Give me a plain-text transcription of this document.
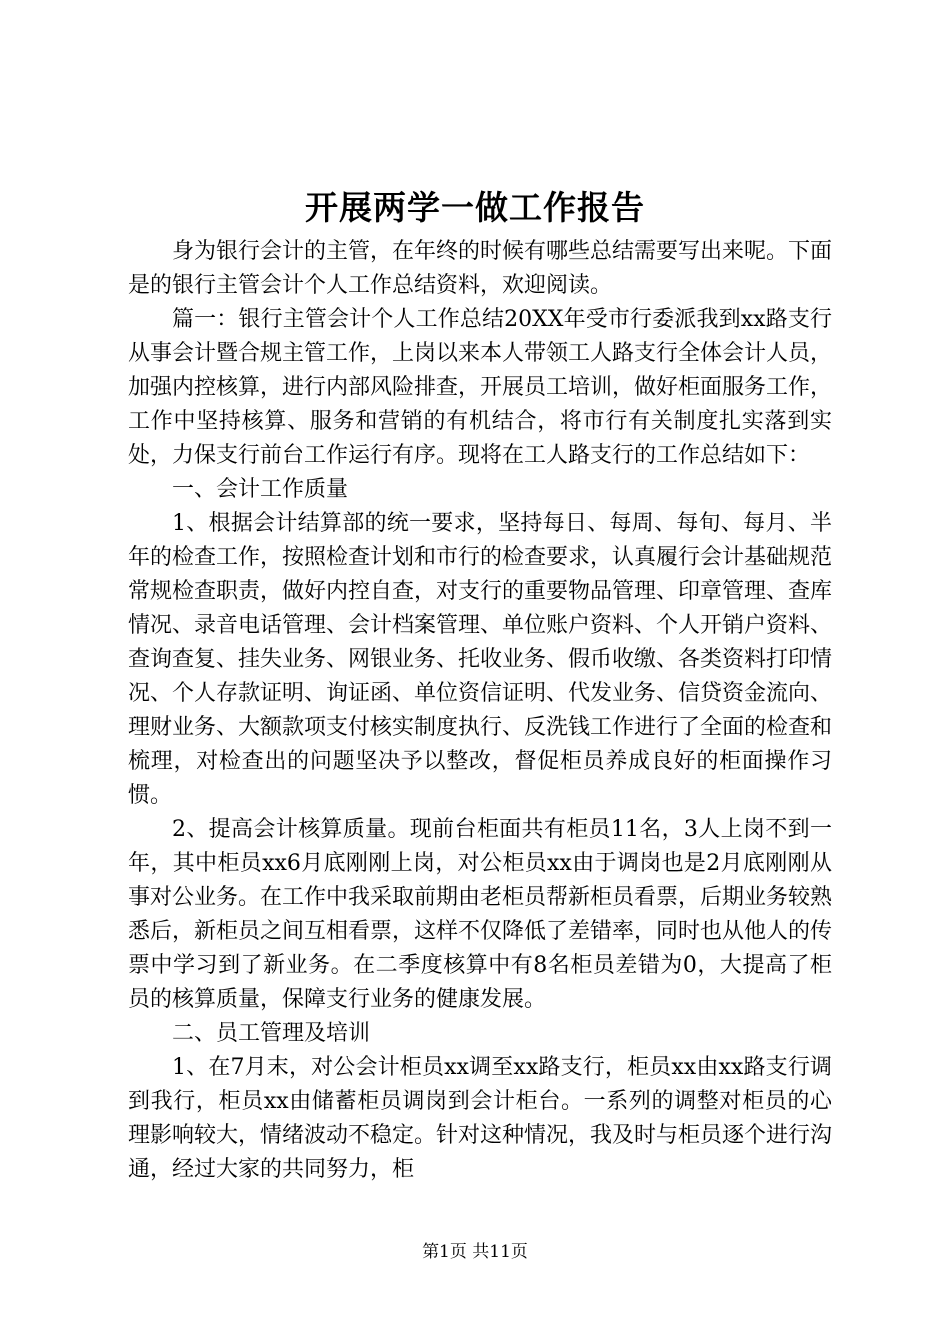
开展两学一做工作报告

身为银行会计的主管，在年终的时候有哪些总结需要写出来呢。下面是的银行主管会计个人工作总结资料，欢迎阅读。

篇一：银行主管会计个人工作总结20XX年受市行委派我到xx路支行从事会计暨合规主管工作，上岗以来本人带领工人路支行全体会计人员，加强内控核算，进行内部风险排查，开展员工培训，做好柜面服务工作，工作中坚持核算、服务和营销的有机结合，将市行有关制度扎实落到实处，力保支行前台工作运行有序。现将在工人路支行的工作总结如下：

一、会计工作质量

1、根据会计结算部的统一要求，坚持每日、每周、每旬、每月、半年的检查工作，按照检查计划和市行的检查要求，认真履行会计基础规范常规检查职责，做好内控自查，对支行的重要物品管理、印章管理、查库情况、录音电话管理、会计档案管理、单位账户资料、个人开销户资料、查询查复、挂失业务、网银业务、托收业务、假币收缴、各类资料打印情况、个人存款证明、询证函、单位资信证明、代发业务、信贷资金流向、理财业务、大额款项支付核实制度执行、反洗钱工作进行了全面的检查和梳理，对检查出的问题坚决予以整改，督促柜员养成良好的柜面操作习惯。

2、提高会计核算质量。现前台柜面共有柜员11名，3人上岗不到一年，其中柜员xx6月底刚刚上岗，对公柜员xx由于调岗也是2月底刚刚从事对公业务。在工作中我采取前期由老柜员帮新柜员看票，后期业务较熟悉后，新柜员之间互相看票，这样不仅降低了差错率，同时也从他人的传票中学习到了新业务。在二季度核算中有8名柜员差错为0，大提高了柜员的核算质量，保障支行业务的健康发展。

二、员工管理及培训

1、在7月末，对公会计柜员xx调至xx路支行，柜员xx由xx路支行调到我行，柜员xx由储蓄柜员调岗到会计柜台。一系列的调整对柜员的心理影响较大，情绪波动不稳定。针对这种情况，我及时与柜员逐个进行沟通，经过大家的共同努力，柜

第1页 共11页
